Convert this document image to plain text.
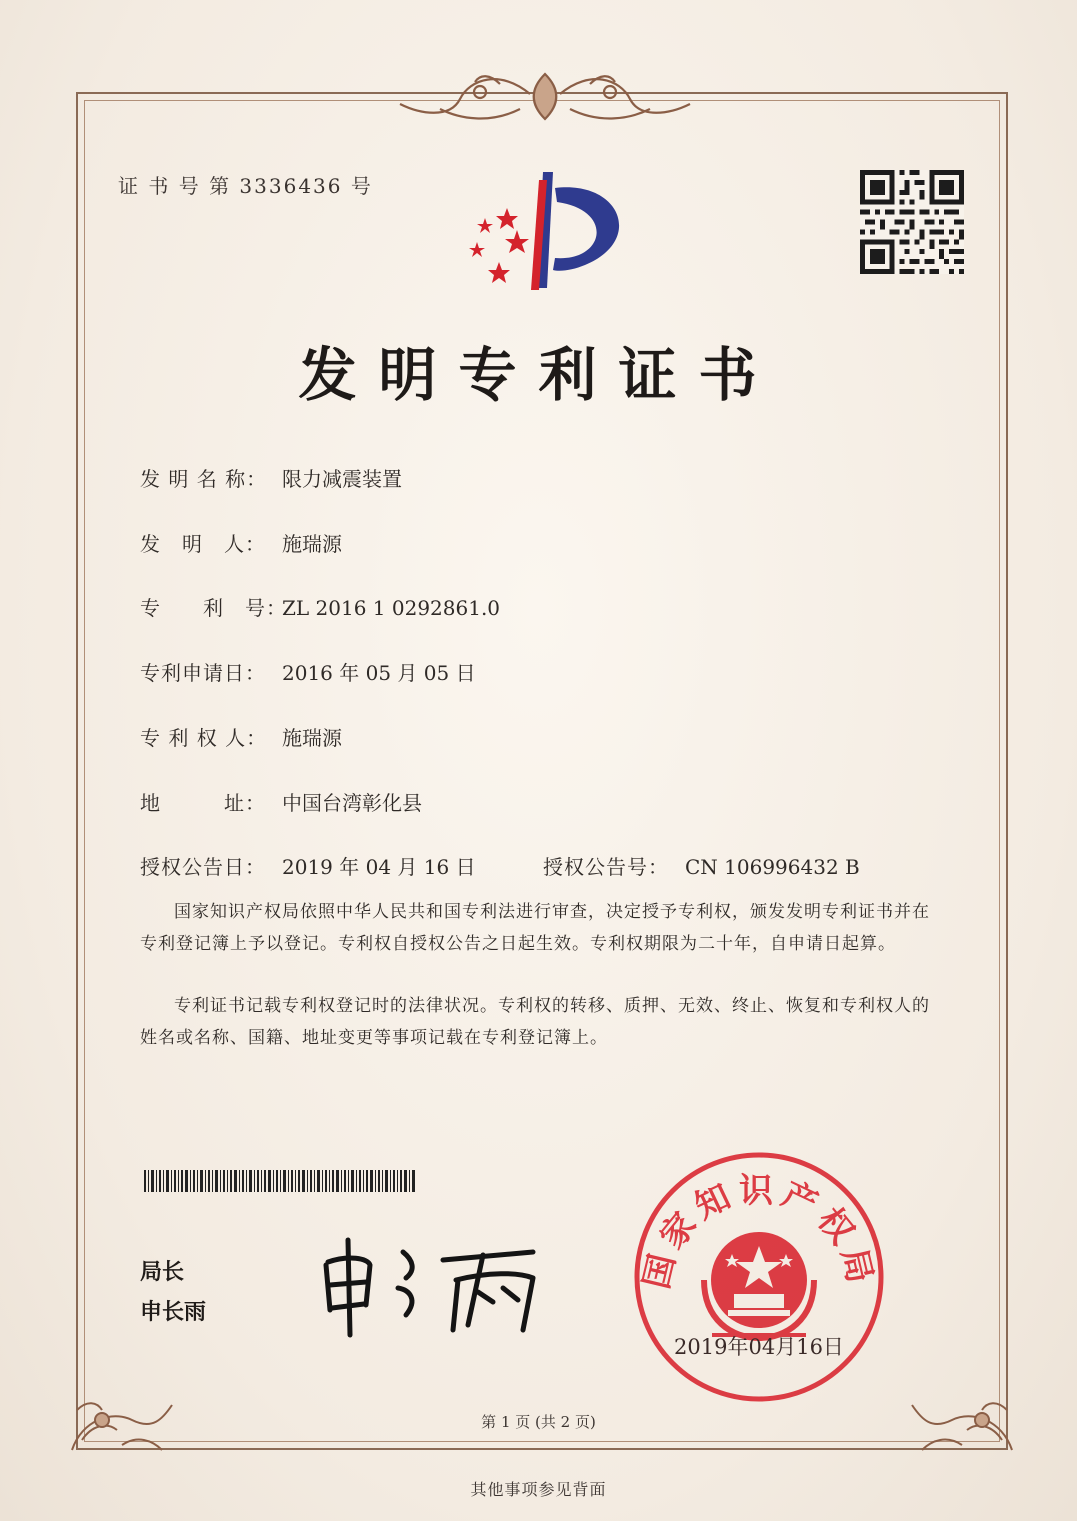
证 书 号 第 3336436 号
发明专利证书
发 明 名 称： 限力减震装置
发　明　人： 施瑞源
专　　利　号：ZL 2016 1 0292861.0
专利申请日： 2016 年 05 月 05 日
专 利 权 人： 施瑞源
地　　　址： 中国台湾彰化县
授权公告日： 2019 年 04 月 16 日	授权公告号： CN 106996432 B
国家知识产权局依照中华人民共和国专利法进行审查，决定授予专利权，颁发发明专利证书并在专利登记簿上予以登记。专利权自授权公告之日起生效。专利权期限为二十年，自申请日起算。
专利证书记载专利权登记时的法律状况。专利权的转移、质押、无效、终止、恢复和专利权人的姓名或名称、国籍、地址变更等事项记载在专利登记簿上。
局长
申长雨
国家知识产权局
2019年04月16日
第 1 页 (共 2 页)
其他事项参见背面
